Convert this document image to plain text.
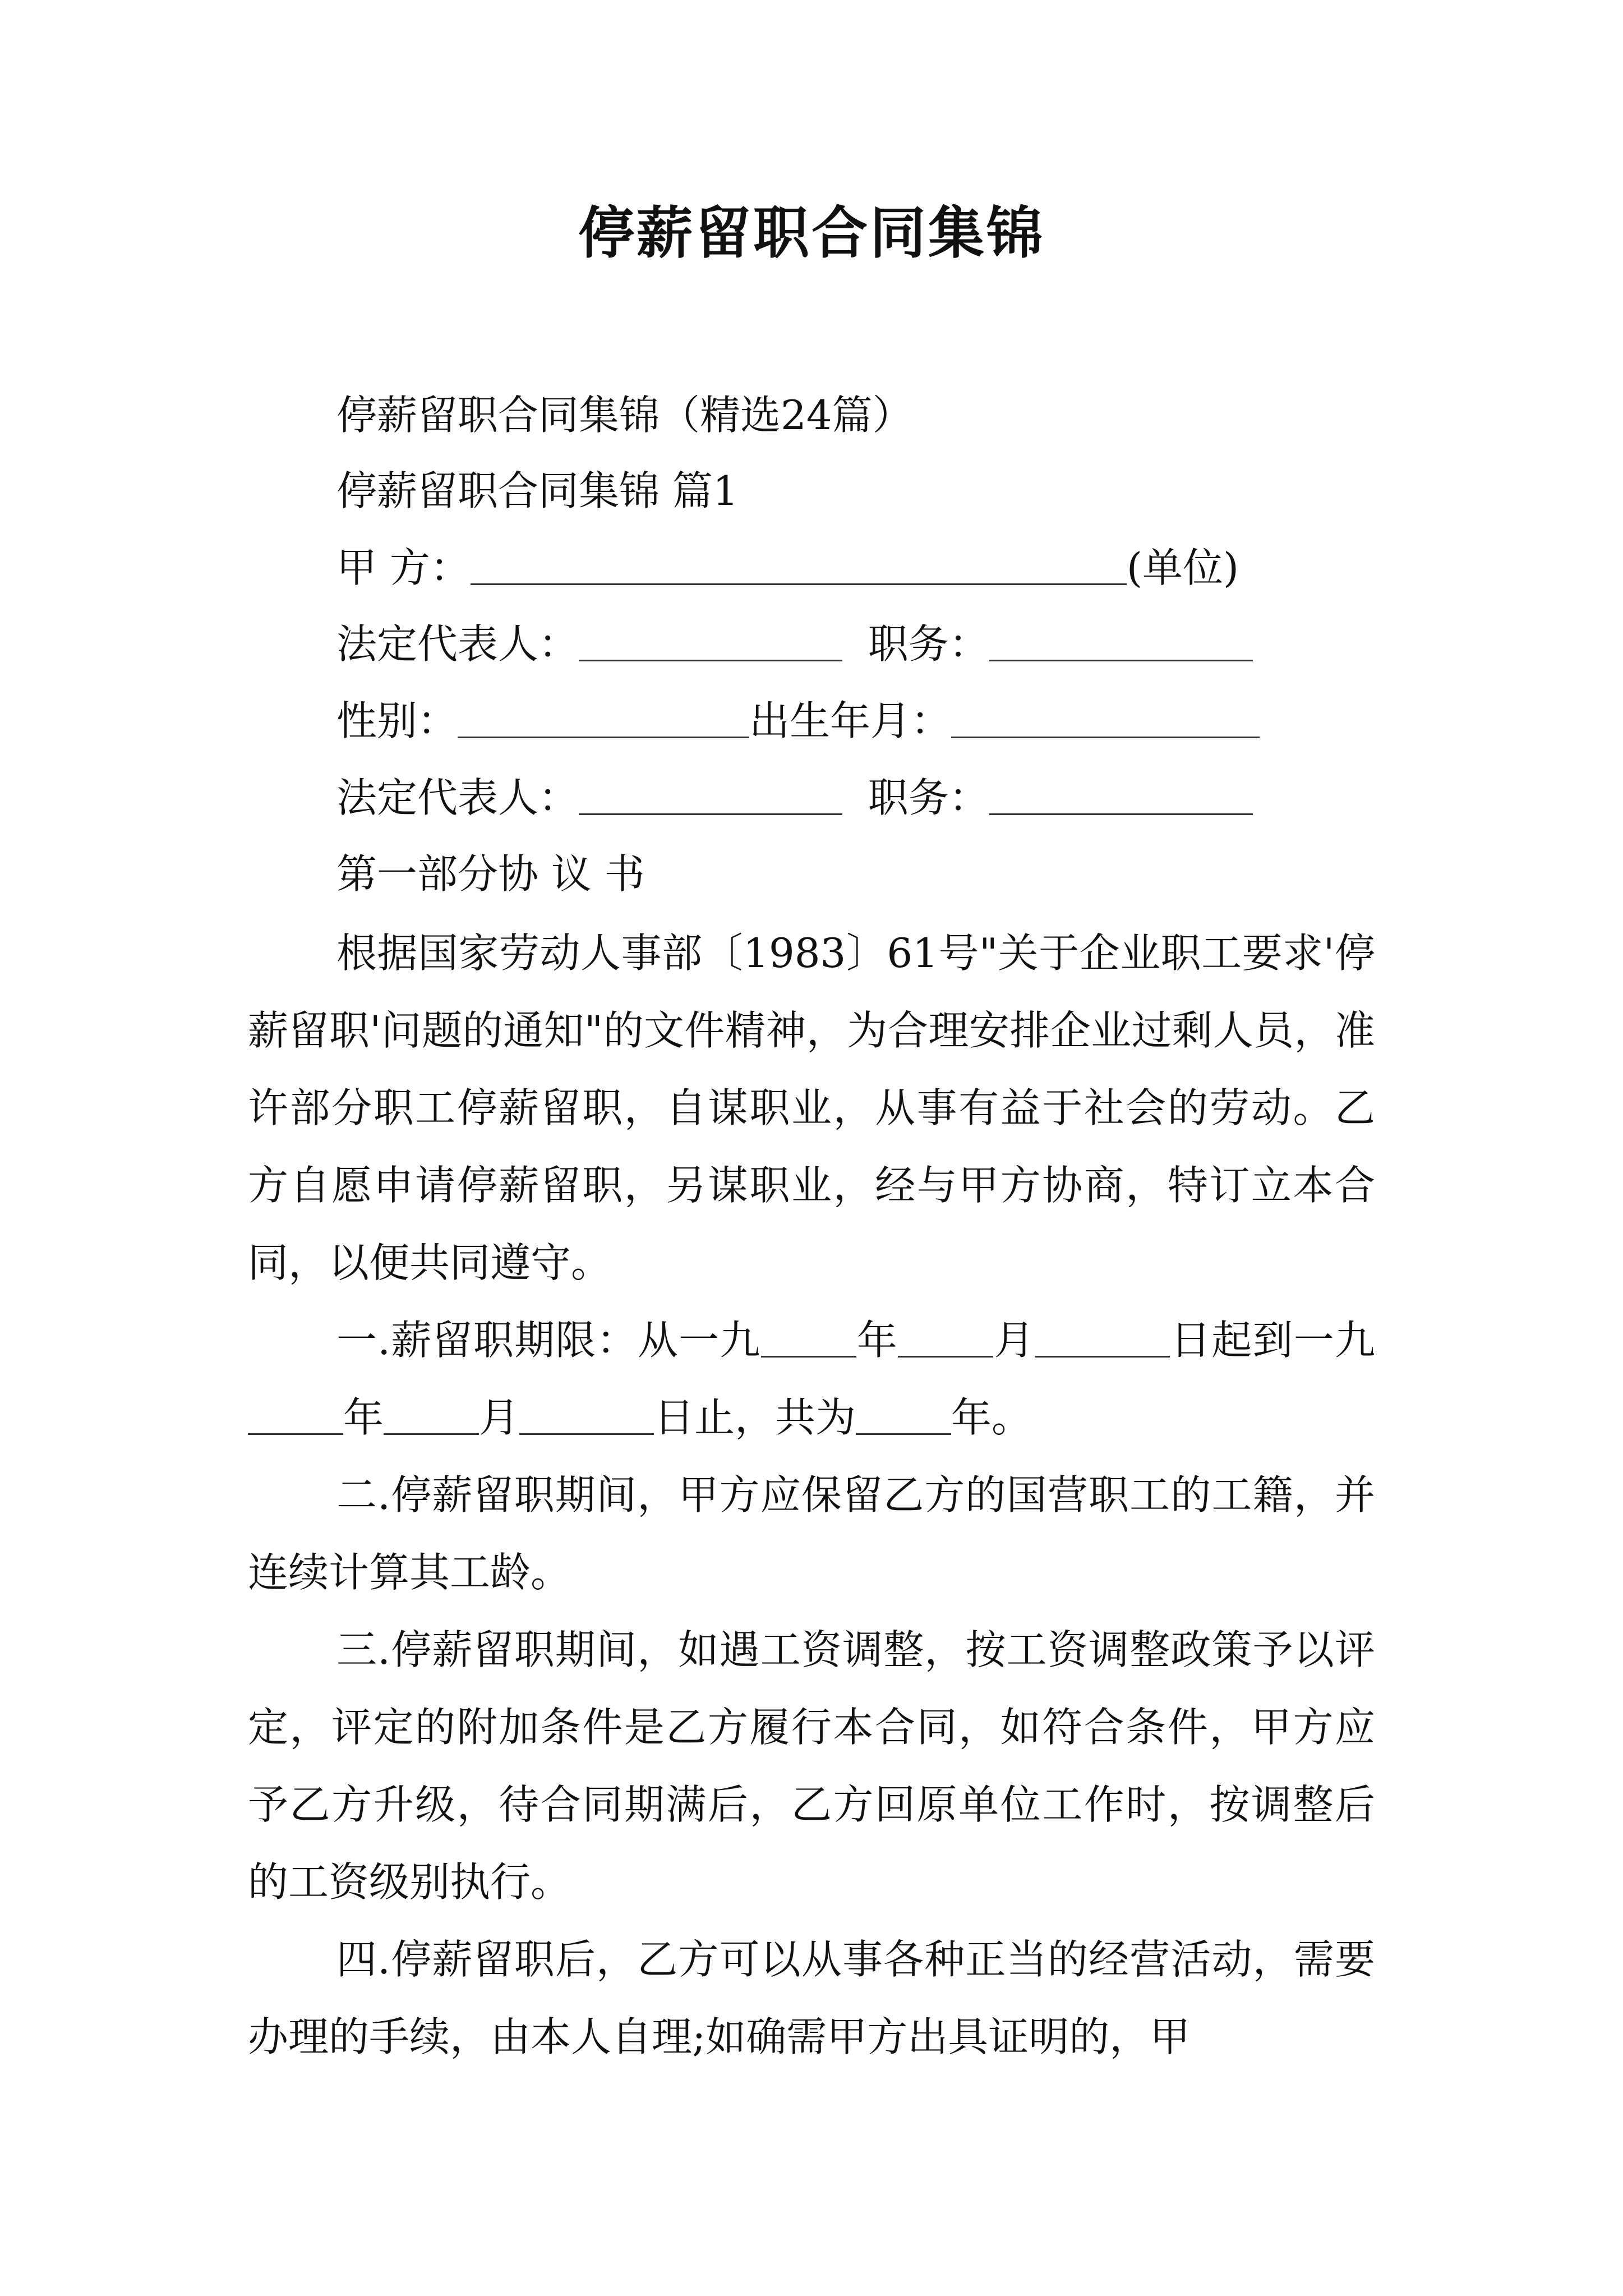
停薪留职合同集锦

停薪留职合同集锦（精选24篇）

停薪留职合同集锦 篇1

甲 方：	(单位)

法定代表人：	职务：

性别：	出生年月：

法定代表人：	职务：

第一部分协 议 书

根据国家劳动人事部〔1983〕61号"关于企业职工要求'停薪留职'问题的通知"的文件精神，为合理安排企业过剩人员，准许部分职工停薪留职，自谋职业，从事有益于社会的劳动。乙方自愿申请停薪留职，另谋职业，经与甲方协商，特订立本合同，以便共同遵守。

一.薪留职期限：从一九 年 月	日起到一九年 月	日止，共为 年。

二.停薪留职期间，甲方应保留乙方的国营职工的工籍，并连续计算其工龄。

三.停薪留职期间，如遇工资调整，按工资调整政策予以评定，评定的附加条件是乙方履行本合同，如符合条件，甲方应予乙方升级，待合同期满后，乙方回原单位工作时，按调整后的工资级别执行。

四.停薪留职后，乙方可以从事各种正当的经营活动，需要办理的手续，由本人自理;如确需甲方出具证明的，甲
